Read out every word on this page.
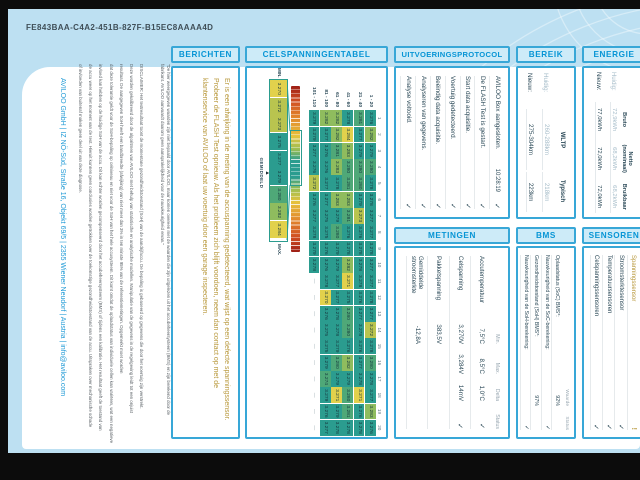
FE843BAA-C4A2-451B-827F-B15EC8AAAA4D
"De hier weergegeven waarden zijn niet bepaald door AVILOO, maar komen overeen met de waarden die zijn uitgelezen uit het accubeheersysteem (BMS) en zijn berekend door de
fabrikant. AVILOO aanvaardt daarom geen aansprakelijkheid voor de nauwkeurigheid ervan."
DISCLAIMER: Het testresultaat toont de momentane gezondheidstoestand (SoH) van de aandrijfaccu. De bepaling is gebaseerd op gegevens die door het voertuig zijn verstrekt.
Deze worden gekalibreerd door de algoritmen van AVILOO met behulp van statistische en analytische modellen. Manipulatie van de gegevens in de regelgeving leidt tot een onjuist
resultaat. De aangegeven SoH heeft een bandbreedte (afwijking) van niet meer dan 3% in ten minste 95% van de referentiemetingen. Opgemerkt moet worden
dat deze tolerantie geldt voor de SoH-bepaling op celniveau en niet voor de SoH van het hele accusysteem. Dit komt omdat de oplaadstatus van individuele cellen kan variëren, wat een negatieve
invloed kan hebben op de huidige SoH van de accu. Dit kan echter worden gecompenseerd door het accubeheersysteem (BMS) of tijdens een kalibratie. Het resultaat geeft de toestand van
de accu weer op het moment van de test. Hieruit kunnen geen conclusies worden getrokken over de toekomstige gezondheidstoestand van de accu. Uitspraken over mechanische schade
of invloeden van buitenaf maken geen deel uit van deze diagnose.
AVILOO GmbH | IZ NÖ-Süd, Straße 16, Objekt 69/5 | 2355 Wiener Neudorf | Austria | info@aviloo.com
BERICHTEN
Er is een afwijking in de meting van de accuspanning gedetecteerd, wat wijst op een defecte spanningssensor. Probeer de FLASH Test opnieuw. Als het probleem zich blijft voordoen, neem dan contact op met de klantenservice van AVILOO of laat uw voertuig door een garage inspecteren.
CELSPANNINGENTABEL
1
2
3
4
5
6
7
8
9
10
11
12
13
14
15
16
17
18
19
20
1 - 20
3.276
3.282
3.279
3.280
3.278
3.278
3.277
3.277
3.278
3.277
3.277
3.278
3.277
3.272
3.278
3.280
3.278
3.277
3.283
3.276
21 - 40
3.281
3.277
3.279
3.280
3.280
3.279
3.273
3.276
3.278
3.278
3.278
3.276
3.277
3.278
3.276
3.277
3.278
3.271
3.276
3.278
41 - 60
3.278
3.284
3.283
3.280
3.281
3.283
3.281
3.276
3.278
3.282
3.271
3.275
3.280
3.280
3.276
3.282
3.279
3.280
3.281
3.278
61 - 80
3.282
3.282
3.281
3.283
3.278
3.283
3.279
3.280
3.279
3.279
3.277
3.277
3.278
3.278
3.279
3.280
3.279
3.271
3.279
3.278
81 - 100
3.282
3.277
3.276
3.276
3.277
3.277
3.275
3.275
3.276
3.276
3.278
3.270
3.276
3.275
3.275
3.279
3.274
3.279
3.276
3.277
101 - 110
3.279
3.279
3.277
3.276
3.272
3.276
3.277
3.278
3.279
3.278
—
—
—
—
—
—
—
—
—
—
3.270
3.272
3.273
3.275
3.277
3.279
3.280
3.282
3.284
MIN.
MAX.
▲
GEMIDDELD
UITVOERINGSPROTOCOL
AVILOO Box aangesloten.
10:28:19
✓
De FLASH Test is gestart.
✓
Start data acquisitie.
✓
Voertuig gedetecteerd.
✓
Beëindig data acquisitie.
✓
Analyseren van gegevens.
✓
Analyse voltooid.
✓
BEREIK
WLTP
Typisch
Huidig:
260-288km
218km
Nieuw:
275-304km
223km
ENERGIE
Bruto
Netto (nominaal)
Bruikbaar
Huidig:
72,9kWh
68,2kWh
68,2kWh
Nieuw:
77,0kWh
72,0kWh
72,0kWh
METINGEN
Min.
Max.
Delta
Status
Accutemperatuur
7,5°C
8,5°C
1,0°C
✓
Celspanning
3,270V
3,284V
14mV
✓
Pakketspanning
383,5V
Gemiddelde stroomsterkte
-12,8A
BMS
Waarde
Status
Oplaadstatus (SoC) BMS*:
92%
Nauwkeurigheid van de SoC-berekening:
✓
Gezondheidstoestand (SoH) BMS*:
97%
Nauwkeurigheid van de SoH-berekening:
✓
SENSOREN
Spanningssensor
!
Stroomsterktesensor
✓
Temperatuursensoren
✓
Celspanningssensoren
✓
